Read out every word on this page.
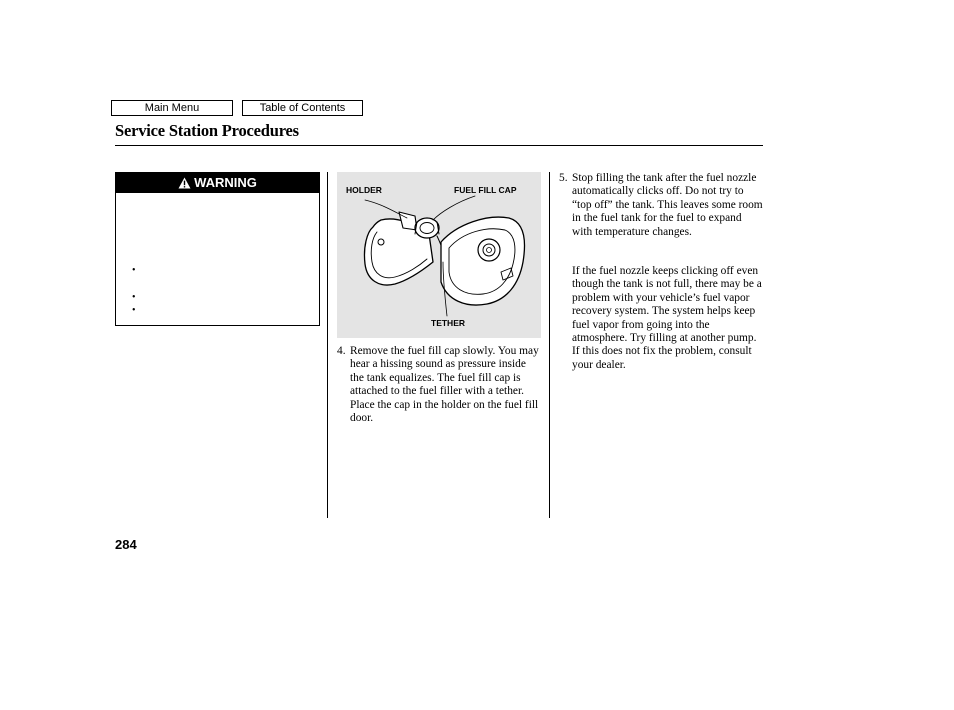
Main Menu	Table of Contents
Service Station Procedures
WARNING
•
•
•
HOLDER	FUEL FILL CAP
TETHER
4. Remove the fuel fill cap slowly. You may hear a hissing sound as pressure inside the tank equalizes. The fuel fill cap is attached to the fuel filler with a tether. Place the cap in the holder on the fuel fill door.
5. Stop filling the tank after the fuel nozzle automatically clicks off. Do not try to “top off” the tank. This leaves some room in the fuel tank for the fuel to expand with temperature changes.
If the fuel nozzle keeps clicking off even though the tank is not full, there may be a problem with your vehicle’s fuel vapor recovery system. The system helps keep fuel vapor from going into the atmosphere. Try filling at another pump. If this does not fix the problem, consult your dealer.
284
